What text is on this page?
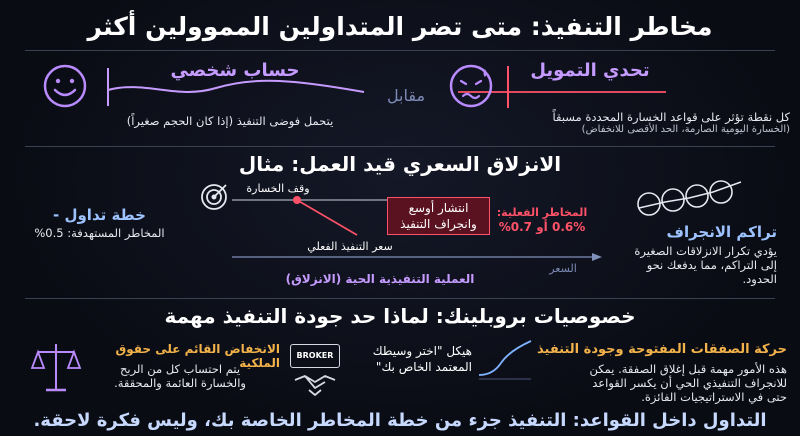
مخاطر التنفيذ: متى تضر المتداولين المموولين أكثر
حساب شخصي
يتحمل فوضى التنفيذ (إذا كان الحجم صغيراً)
مقابل
تحدي التمويل
كل نقطة تؤثر على قواعد الخسارة المحددة مسبقاً
(الخسارة اليومية الصارمة، الحد الأقصى للانخفاض)
الانزلاق السعري قيد العمل: مثال
خطة تداول -
المخاطر المستهدفة: 0.5%
وقف الخسارة
انتشار أوسع
وانجراف التنفيذ
المخاطر الفعلية:
0.6% أو 0.7%
سعر التنفيذ الفعلي
السعر
العملية التنفيذية الحية (الانزلاق)
تراكم الانجراف
يؤدي تكرار الانزلاقات الصغيرة
إلى التراكم، مما يدفعك نحو
الحدود.
خصوصيات بروبلينك: لماذا حد جودة التنفيذ مهمة
حركة الصفقات المفتوحة وجودة التنفيذ
هذه الأمور مهمة قبل إغلاق الصفقة. يمكن
للانجراف التنفيذي الحي أن يكسر القواعد
حتى في الاستراتيجيات الفائزة.
هيكل "اختر وسيطك
المعتمد الخاص بك"
BROKER
الانخفاض القائم على حقوق الملكية
يتم احتساب كل من الربح
والخسارة العائمة والمحققة.
التداول داخل القواعد: التنفيذ جزء من خطة المخاطر الخاصة بك، وليس فكرة لاحقة.
